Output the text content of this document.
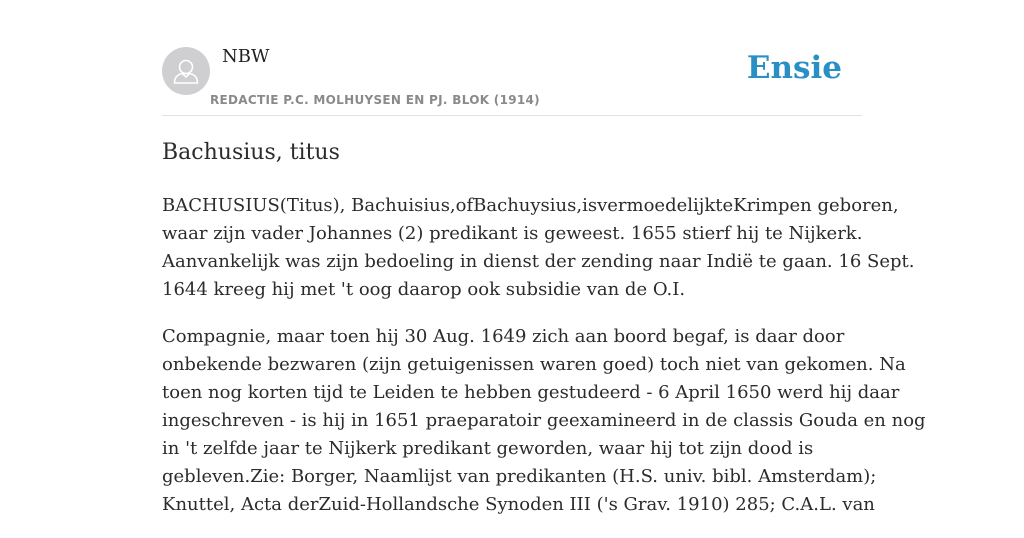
NBW
REDACTIE P.C. MOLHUYSEN EN PJ. BLOK (1914)
Ensie
Bachusius, titus

BACHUSIUS(Titus), Bachuisius,ofBachuysius,isvermoedelijkteKrimpen geboren,
waar zijn vader Johannes (2) predikant is geweest. 1655 stierf hij te Nijkerk.
Aanvankelijk was zijn bedoeling in dienst der zending naar Indië te gaan. 16 Sept.
1644 kreeg hij met 't oog daarop ook subsidie van de O.I.

Compagnie, maar toen hij 30 Aug. 1649 zich aan boord begaf, is daar door
onbekende bezwaren (zijn getuigenissen waren goed) toch niet van gekomen. Na
toen nog korten tijd te Leiden te hebben gestudeerd - 6 April 1650 werd hij daar
ingeschreven - is hij in 1651 praeparatoir geexamineerd in de classis Gouda en nog
in 't zelfde jaar te Nijkerk predikant geworden, waar hij tot zijn dood is
gebleven.Zie: Borger, Naamlijst van predikanten (H.S. univ. bibl. Amsterdam);
Knuttel, Acta derZuid-Hollandsche Synoden III ('s Grav. 1910) 285; C.A.L. van
